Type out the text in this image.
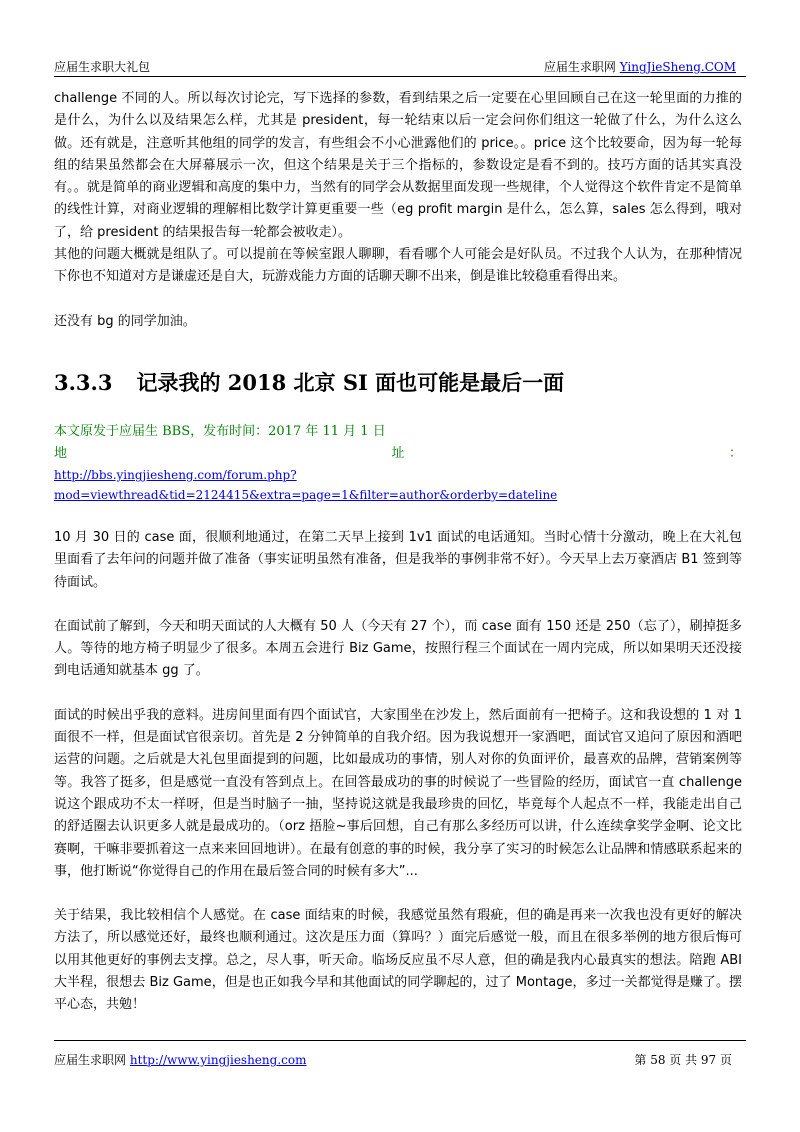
应届生求职大礼包	应届生求职网 YingJieSheng.COM

challenge 不同的人。所以每次讨论完，写下选择的参数，看到结果之后一定要在心里回顾自己在这一轮里面的力推的是什么，为什么以及结果怎么样，尤其是 president，每一轮结束以后一定会问你们组这一轮做了什么，为什么这么做。还有就是，注意听其他组的同学的发言，有些组会不小心泄露他们的 price。。price 这个比较要命，因为每一轮每组的结果虽然都会在大屏幕展示一次，但这个结果是关于三个指标的，参数设定是看不到的。技巧方面的话其实真没有。。就是简单的商业逻辑和高度的集中力，当然有的同学会从数据里面发现一些规律，个人觉得这个软件肯定不是简单的线性计算，对商业逻辑的理解相比数学计算更重要一些（eg profit margin 是什么，怎么算，sales 怎么得到，哦对了，给 president 的结果报告每一轮都会被收走）。

其他的问题大概就是组队了。可以提前在等候室跟人聊聊，看看哪个人可能会是好队员。不过我个人认为，在那种情况下你也不知道对方是谦虚还是自大，玩游戏能力方面的话聊天聊不出来，倒是谁比较稳重看得出来。

还没有 bg 的同学加油。

3.3.3 记录我的 2018 北京 SI 面也可能是最后一面
本文原发于应届生 BBS，发布时间：2017 年 11 月 1 日
地	址	：
http://bbs.yingjiesheng.com/forum.php?mod=viewthread&tid=2124415&extra=page=1&filter=author&orderby=dateline

10 月 30 日的 case 面，很顺利地通过，在第二天早上接到 1v1 面试的电话通知。当时心情十分激动，晚上在大礼包里面看了去年问的问题并做了准备（事实证明虽然有准备，但是我举的事例非常不好）。今天早上去万豪酒店 B1 签到等待面试。

在面试前了解到，今天和明天面试的人大概有 50 人（今天有 27 个），而 case 面有 150 还是 250（忘了），刷掉挺多人。等待的地方椅子明显少了很多。本周五会进行 Biz Game，按照行程三个面试在一周内完成，所以如果明天还没接到电话通知就基本 gg 了。

面试的时候出乎我的意料。进房间里面有四个面试官，大家围坐在沙发上，然后面前有一把椅子。这和我设想的 1 对 1 面很不一样，但是面试官很亲切。首先是 2 分钟简单的自我介绍。因为我说想开一家酒吧，面试官又追问了原因和酒吧运营的问题。之后就是大礼包里面提到的问题，比如最成功的事情，别人对你的负面评价，最喜欢的品牌，营销案例等等。我答了挺多，但是感觉一直没有答到点上。在回答最成功的事的时候说了一些冒险的经历，面试官一直 challenge 说这个跟成功不太一样呀，但是当时脑子一抽，坚持说这就是我最珍贵的回忆，毕竟每个人起点不一样，我能走出自己的舒适圈去认识更多人就是最成功的。（orz 捂脸~事后回想，自己有那么多经历可以讲，什么连续拿奖学金啊、论文比赛啊，干嘛非要抓着这一点来来回回地讲）。在最有创意的事的时候，我分享了实习的时候怎么让品牌和情感联系起来的事，他打断说“你觉得自己的作用在最后签合同的时候有多大”...

关于结果，我比较相信个人感觉。在 case 面结束的时候，我感觉虽然有瑕疵，但的确是再来一次我也没有更好的解决方法了，所以感觉还好，最终也顺利通过。这次是压力面（算吗？）面完后感觉一般，而且在很多举例的地方很后悔可以用其他更好的事例去支撑。总之，尽人事，听天命。临场反应虽不尽人意，但的确是我内心最真实的想法。陪跑 ABI 大半程，很想去 Biz Game，但是也正如我今早和其他面试的同学聊起的，过了 Montage，多过一关都觉得是赚了。摆平心态，共勉！

应届生求职网 http://www.yingjiesheng.com	第 58 页 共 97 页
